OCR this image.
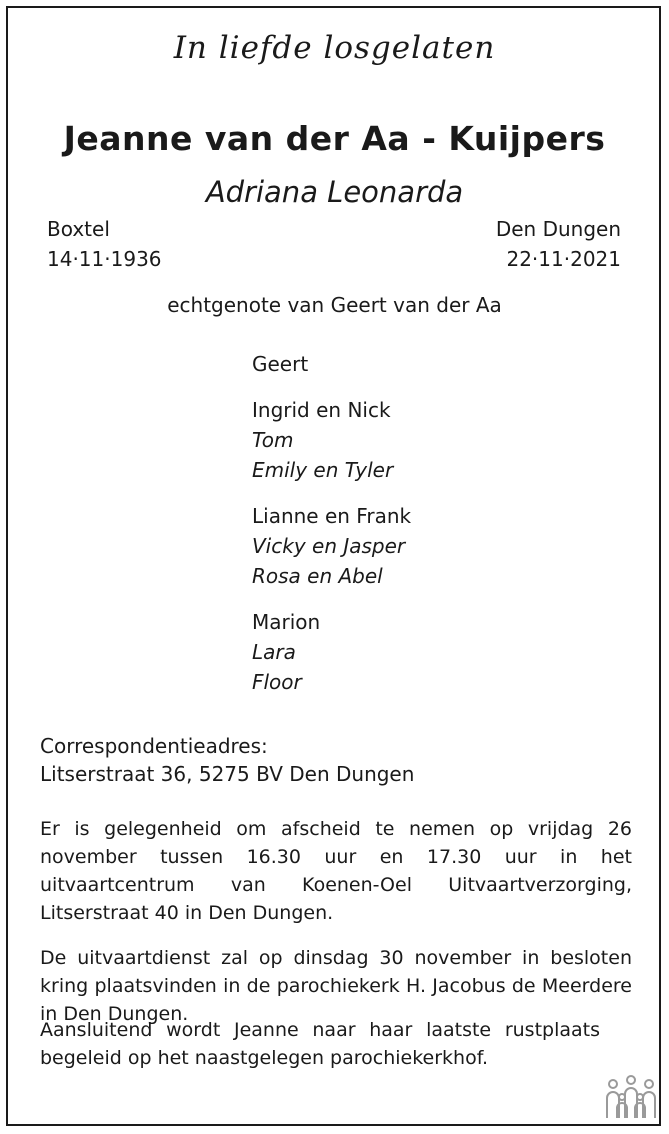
In liefde losgelaten
Jeanne van der Aa - Kuijpers
Adriana Leonarda
Boxtel
14·11·1936
Den Dungen
22·11·2021
echtgenote van Geert van der Aa
Geert
Ingrid en Nick
Tom
Emily en Tyler
Lianne en Frank
Vicky en Jasper
Rosa en Abel
Marion
Lara
Floor
Correspondentieadres:
Litserstraat 36, 5275 BV Den Dungen
Er is gelegenheid om afscheid te nemen op vrijdag 26 november tussen 16.30 uur en 17.30 uur in het uitvaartcentrum van Koenen-Oel Uitvaartverzorging, Litserstraat 40 in Den Dungen.
De uitvaartdienst zal op dinsdag 30 november in besloten kring plaatsvinden in de parochiekerk H. Jacobus de Meerdere in Den Dungen.
Aansluitend wordt Jeanne naar haar laatste rustplaats begeleid op het naastgelegen parochiekerkhof.
